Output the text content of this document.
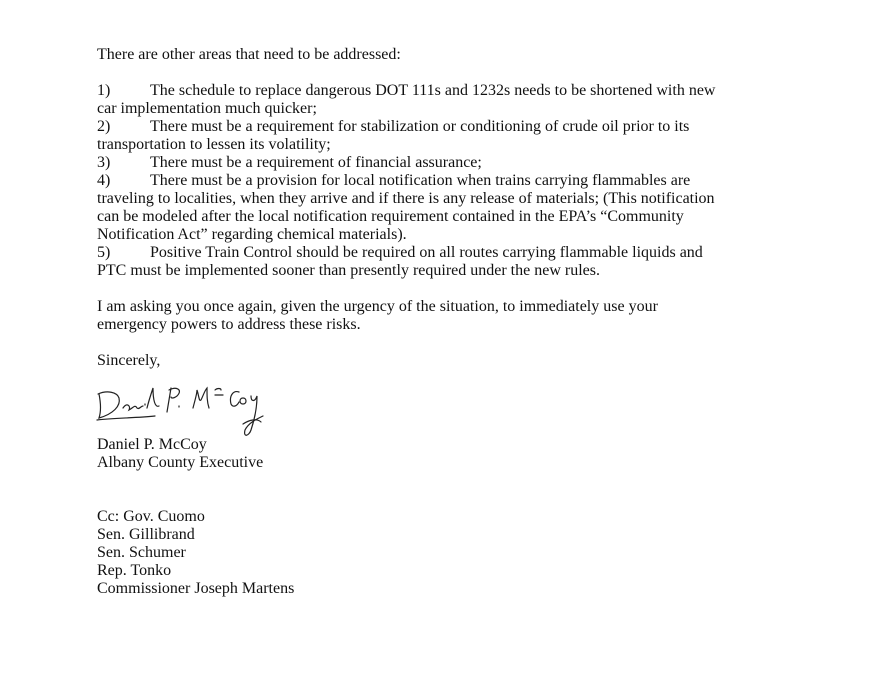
There are other areas that need to be addressed:
1) The schedule to replace dangerous DOT 111s and 1232s needs to be shortened with new
car implementation much quicker;
2) There must be a requirement for stabilization or conditioning of crude oil prior to its
transportation to lessen its volatility;
3) There must be a requirement of financial assurance;
4) There must be a provision for local notification when trains carrying flammables are
traveling to localities, when they arrive and if there is any release of materials; (This notification
can be modeled after the local notification requirement contained in the EPA’s “Community
Notification Act” regarding chemical materials).
5) Positive Train Control should be required on all routes carrying flammable liquids and
PTC must be implemented sooner than presently required under the new rules.
I am asking you once again, given the urgency of the situation, to immediately use your
emergency powers to address these risks.
Sincerely,
Daniel P. McCoy
Albany County Executive
Cc: Gov. Cuomo
Sen. Gillibrand
Sen. Schumer
Rep. Tonko
Commissioner Joseph Martens
